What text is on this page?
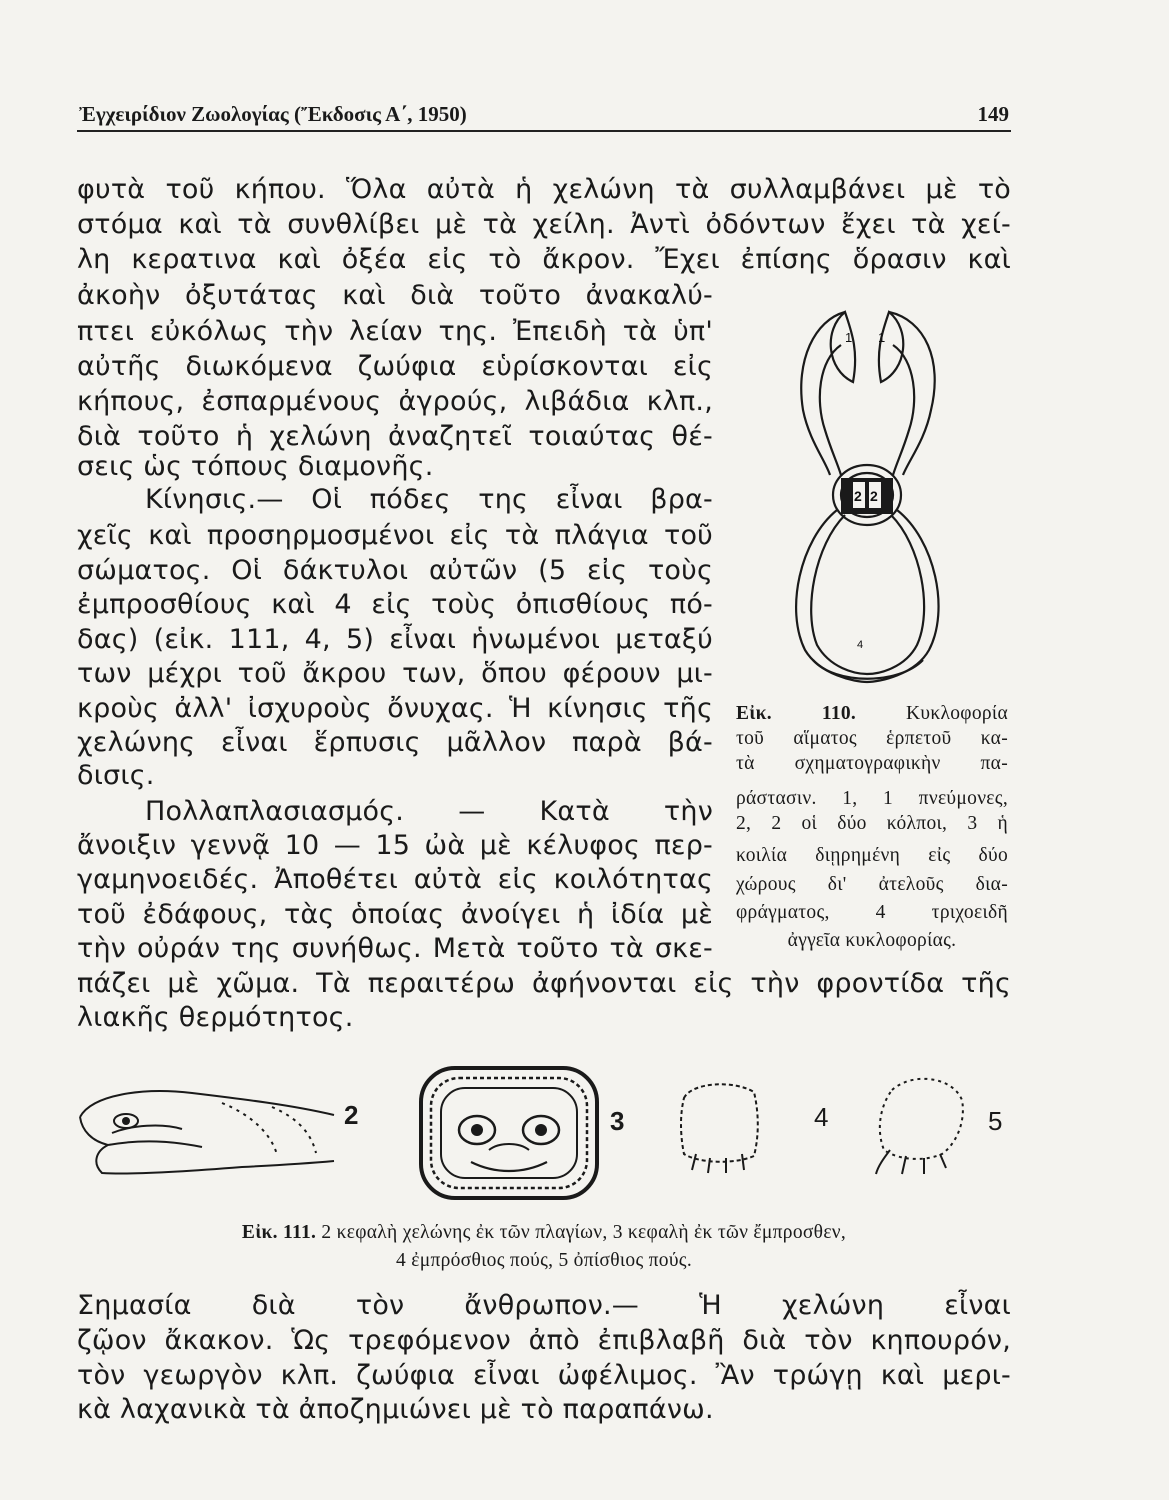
Ἐγχειρίδιον Ζωολογίας (Ἔκδοσις Α΄, 1950)	149
φυτὰ τοῦ κήπου. Ὅλα αὐτὰ ἡ χελώνη τὰ συλλαμβάνει μὲ τὸ
στόμα καὶ τὰ συνθλίβει μὲ τὰ χείλη. Ἀντὶ ὀδόντων ἔχει τὰ χεί-
λη κερατινα καὶ ὀξέα εἰς τὸ ἄκρον. Ἔχει ἐπίσης ὅρασιν καὶ
ἀκοὴν ὀξυτάτας καὶ διὰ τοῦτο ἀνακαλύ-
πτει εὐκόλως τὴν λείαν της. Ἐπειδὴ τὰ ὑπ'
αὐτῆς διωκόμενα ζωύφια εὑρίσκονται εἰς
κήπους, ἐσπαρμένους ἀγρούς, λιβάδια κλπ.,
διὰ τοῦτο ἡ χελώνη ἀναζητεῖ τοιαύτας θέ-
σεις ὡς τόπους διαμονῆς.
Κίνησις.— Οἱ πόδες της εἶναι βρα-
χεῖς καὶ προσηρμοσμένοι εἰς τὰ πλάγια τοῦ
σώματος. Οἱ δάκτυλοι αὐτῶν (5 εἰς τοὺς
ἐμπροσθίους καὶ 4 εἰς τοὺς ὀπισθίους πό-
δας) (εἰκ. 111, 4, 5) εἶναι ἡνωμένοι μεταξύ
των μέχρι τοῦ ἄκρου των, ὅπου φέρουν μι-
κροὺς ἀλλ' ἰσχυροὺς ὄνυχας. Ἡ κίνησις τῆς
χελώνης εἶναι ἕρπυσις μᾶλλον παρὰ βά-
δισις.
Πολλαπλασιασμός. — Κατὰ τὴν
ἄνοιξιν γεννᾷ 10 — 15 ὠὰ μὲ κέλυφος περ-
γαμηνοειδές. Ἀποθέτει αὐτὰ εἰς κοιλότητας
τοῦ ἐδάφους, τὰς ὁποίας ἀνοίγει ἡ ἰδία μὲ
τὴν οὐράν της συνήθως. Μετὰ τοῦτο τὰ σκε-
πάζει μὲ χῶμα. Τὰ περαιτέρω ἀφήνονται εἰς τὴν φροντίδα τῆς
λιακῆς θερμότητος.
1 1
2 2
4
Εἰκ. 110.	Κυκλοφορία
τοῦ αἵματος ἑρπετοῦ κα-
τὰ σχηματογραφικὴν πα-
ράστασιν. 1, 1 πνεύμονες,
2, 2 οἱ δύο κόλποι, 3 ἡ
κοιλία διῃρημένη εἰς δύο
χώρους δι' ἀτελοῦς δια-
φράγματος, 4 τριχοειδῆ
ἀγγεῖα κυκλοφορίας.
2	3	4	5
Εἰκ. 111. 2 κεφαλὴ χελώνης ἐκ τῶν πλαγίων, 3 κεφαλὴ ἐκ τῶν ἔμπροσθεν,
4 ἐμπρόσθιος πούς, 5 ὀπίσθιος πούς.
Σημασία διὰ τὸν ἄνθρωπον.— Ἡ χελώνη εἶναι
ζῷον ἄκακον. Ὡς τρεφόμενον ἀπὸ ἐπιβλαβῆ διὰ τὸν κηπουρόν,
τὸν γεωργὸν κλπ. ζωύφια εἶναι ὠφέλιμος. Ἂν τρώγῃ καὶ μερι-
κὰ λαχανικὰ τὰ ἀποζημιώνει μὲ τὸ παραπάνω.
